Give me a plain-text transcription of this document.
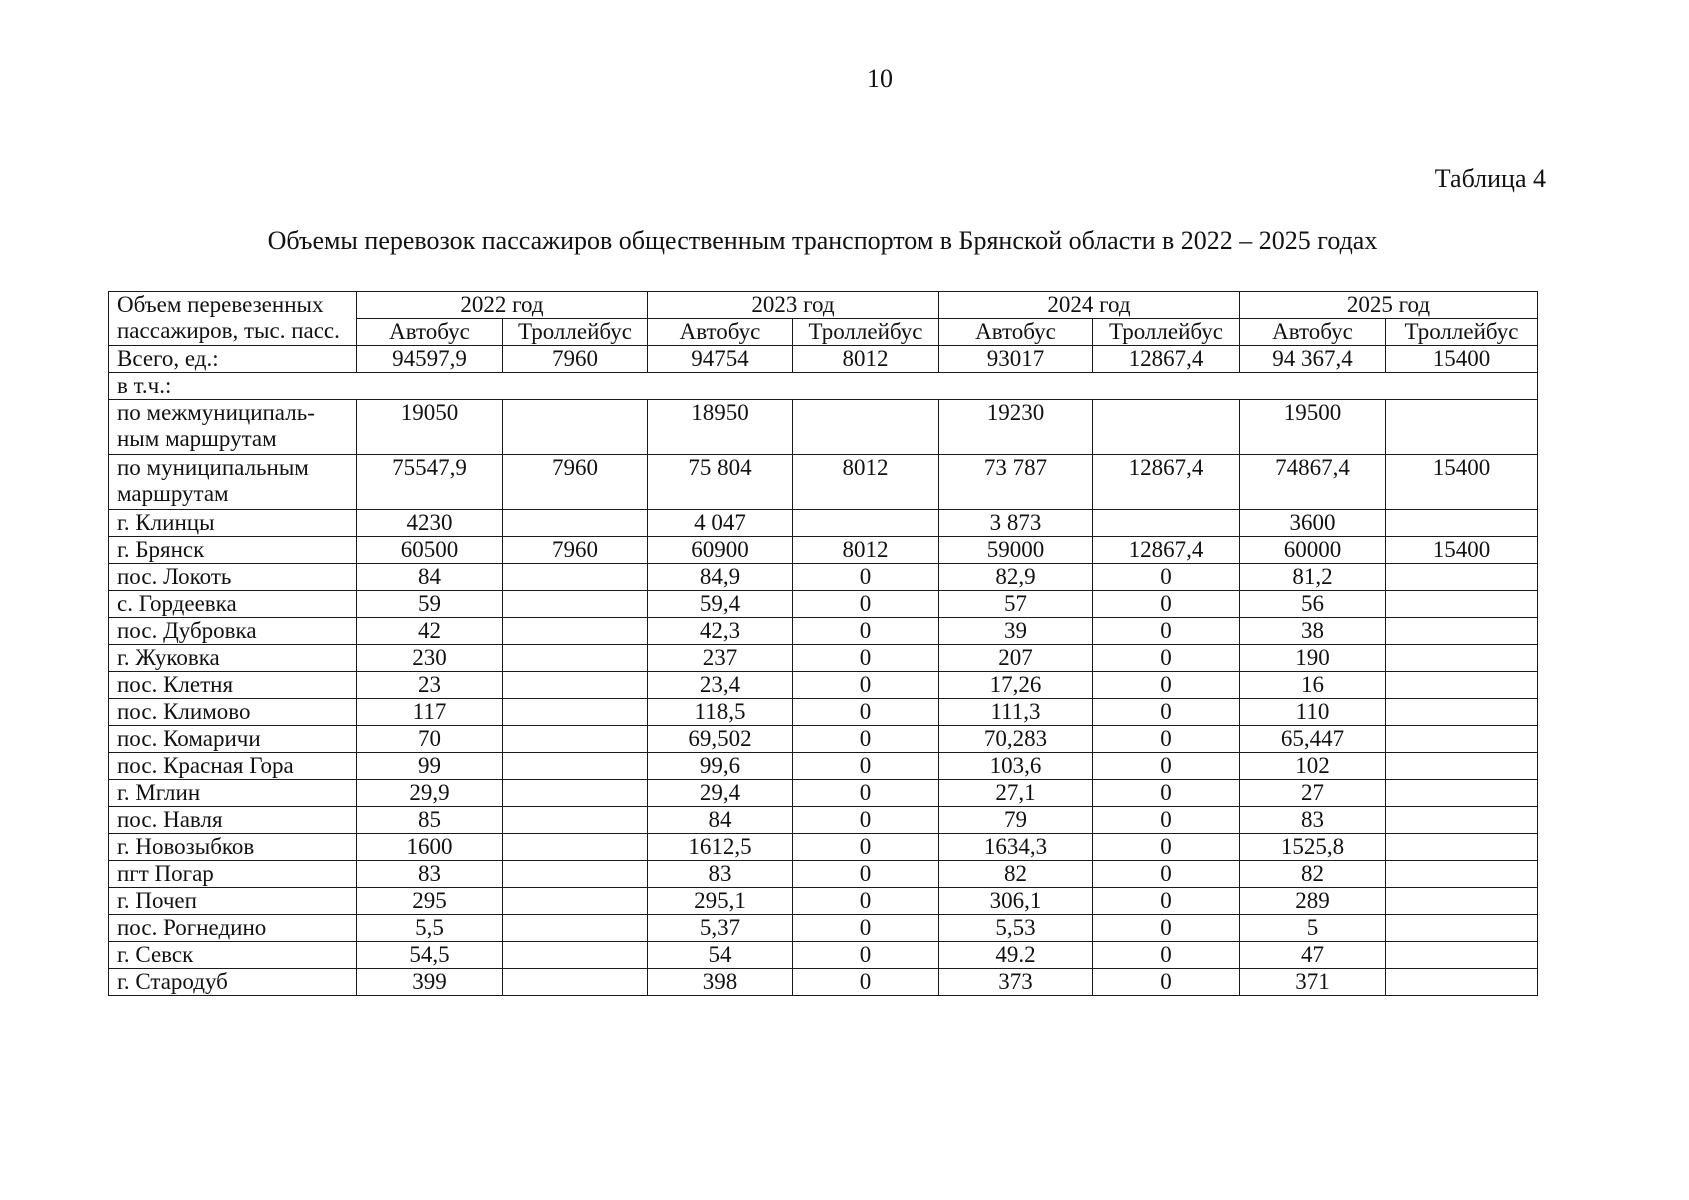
10
Таблица 4
Объемы перевозок пассажиров общественным транспортом в Брянской области в 2022 – 2025 годах
Объем перевезенных пассажиров, тыс. пасс.	2022 год		2023 год		2024 год		2025 год	
	Автобус	Троллейбус	Автобус	Троллейбус	Автобус	Троллейбус	Автобус	Троллейбус
Всего, ед.:	94597,9	7960	94754	8012	93017	12867,4	94 367,4	15400
в т.ч.:								
по межмуниципаль-ным маршрутам	19050		18950		19230		19500	
по муниципальным маршрутам	75547,9	7960	75 804	8012	73 787	12867,4	74867,4	15400
г. Клинцы	4230		4 047		3 873		3600	
г. Брянск	60500	7960	60900	8012	59000	12867,4	60000	15400
пос. Локоть	84		84,9	0	82,9	0	81,2	
с. Гордеевка	59		59,4	0	57	0	56	
пос. Дубровка	42		42,3	0	39	0	38	
г. Жуковка	230		237	0	207	0	190	
пос. Клетня	23		23,4	0	17,26	0	16	
пос. Климово	117		118,5	0	111,3	0	110	
пос. Комаричи	70		69,502	0	70,283	0	65,447	
пос. Красная Гора	99		99,6	0	103,6	0	102	
г. Мглин	29,9		29,4	0	27,1	0	27	
пос. Навля	85		84	0	79	0	83	
г. Новозыбков	1600		1612,5	0	1634,3	0	1525,8	
пгт Погар	83		83	0	82	0	82	
г. Почеп	295		295,1	0	306,1	0	289	
пос. Рогнедино	5,5		5,37	0	5,53	0	5	
г. Севск	54,5		54	0	49.2	0	47	
г. Стародуб	399		398	0	373	0	371	
